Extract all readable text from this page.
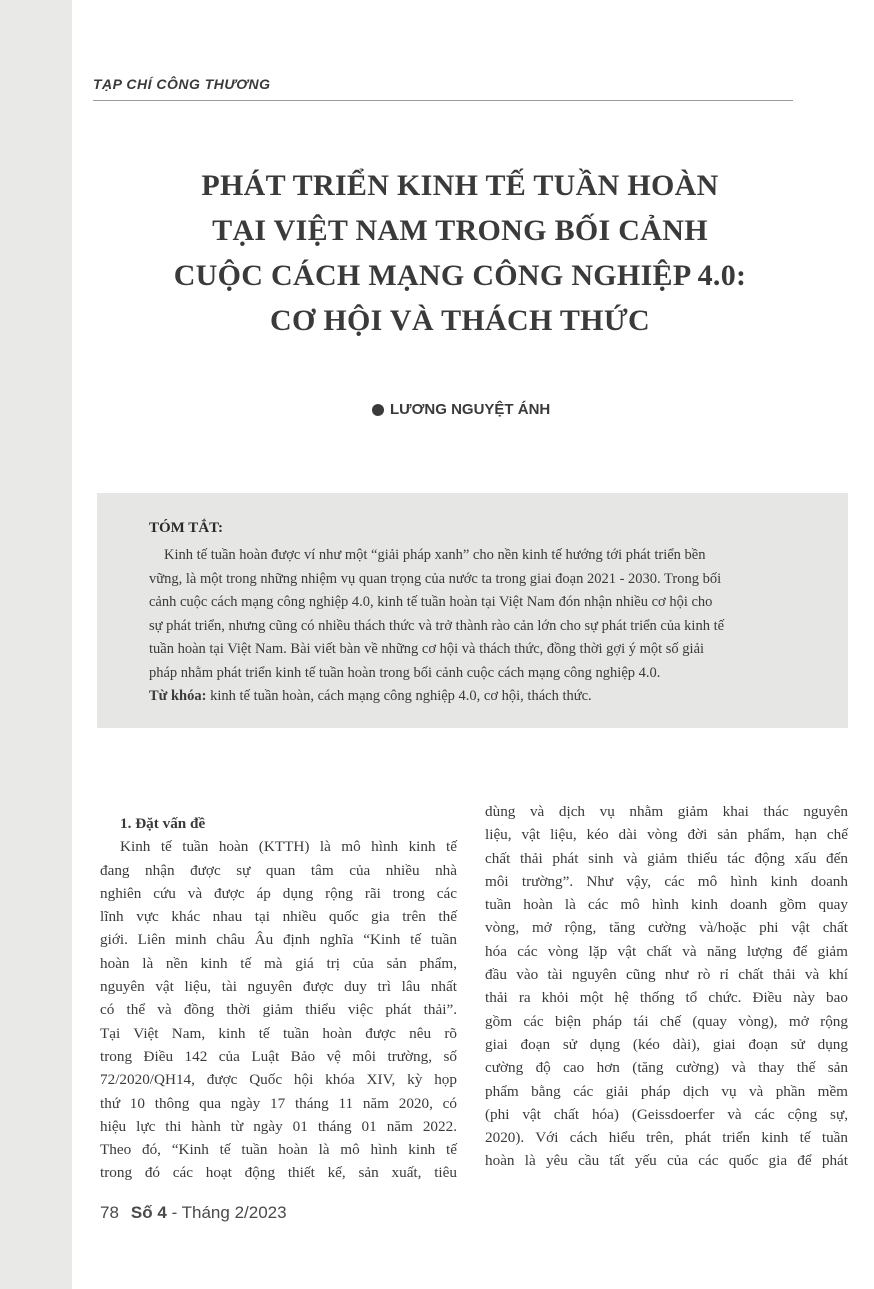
TẠP CHÍ CÔNG THƯƠNG
PHÁT TRIỂN KINH TẾ TUẦN HOÀN
TẠI VIỆT NAM TRONG BỐI CẢNH
CUỘC CÁCH MẠNG CÔNG NGHIỆP 4.0:
CƠ HỘI VÀ THÁCH THỨC
LƯƠNG NGUYỆT ÁNH
TÓM TẮT:
Kinh tế tuần hoàn được ví như một “giải pháp xanh” cho nền kinh tế hướng tới phát triển bền
vững, là một trong những nhiệm vụ quan trọng của nước ta trong giai đoạn 2021 - 2030. Trong bối
cảnh cuộc cách mạng công nghiệp 4.0, kinh tế tuần hoàn tại Việt Nam đón nhận nhiều cơ hội cho
sự phát triển, nhưng cũng có nhiều thách thức và trở thành rào cản lớn cho sự phát triển của kinh tế
tuần hoàn tại Việt Nam. Bài viết bàn về những cơ hội và thách thức, đồng thời gợi ý một số giải
pháp nhằm phát triển kinh tế tuần hoàn trong bối cảnh cuộc cách mạng công nghiệp 4.0.
Từ khóa: kinh tế tuần hoàn, cách mạng công nghiệp 4.0, cơ hội, thách thức.
1. Đặt vấn đề
Kinh tế tuần hoàn (KTTH) là mô hình kinh tế
đang nhận được sự quan tâm của nhiều nhà
nghiên cứu và được áp dụng rộng rãi trong các
lĩnh vực khác nhau tại nhiều quốc gia trên thế
giới. Liên minh châu Âu định nghĩa “Kinh tế tuần
hoàn là nền kinh tế mà giá trị của sản phẩm,
nguyên vật liệu, tài nguyên được duy trì lâu nhất
có thể và đồng thời giảm thiểu việc phát thải”.
Tại Việt Nam, kinh tế tuần hoàn được nêu rõ
trong Điều 142 của Luật Bảo vệ môi trường, số
72/2020/QH14, được Quốc hội khóa XIV, kỳ họp
thứ 10 thông qua ngày 17 tháng 11 năm 2020, có
hiệu lực thi hành từ ngày 01 tháng 01 năm 2022.
Theo đó, “Kinh tế tuần hoàn là mô hình kinh tế
trong đó các hoạt động thiết kế, sản xuất, tiêu
dùng và dịch vụ nhằm giảm khai thác nguyên
liệu, vật liệu, kéo dài vòng đời sản phẩm, hạn chế
chất thải phát sinh và giảm thiểu tác động xấu đến
môi trường”. Như vậy, các mô hình kinh doanh
tuần hoàn là các mô hình kinh doanh gồm quay
vòng, mở rộng, tăng cường và/hoặc phi vật chất
hóa các vòng lặp vật chất và năng lượng để giảm
đầu vào tài nguyên cũng như rò rỉ chất thải và khí
thải ra khỏi một hệ thống tổ chức. Điều này bao
gồm các biện pháp tái chế (quay vòng), mở rộng
giai đoạn sử dụng (kéo dài), giai đoạn sử dụng
cường độ cao hơn (tăng cường) và thay thế sản
phẩm bằng các giải pháp dịch vụ và phần mềm
(phi vật chất hóa) (Geissdoerfer và các cộng sự,
2020). Với cách hiểu trên, phát triển kinh tế tuần
hoàn là yêu cầu tất yếu của các quốc gia để phát
78 Số 4 - Tháng 2/2023
